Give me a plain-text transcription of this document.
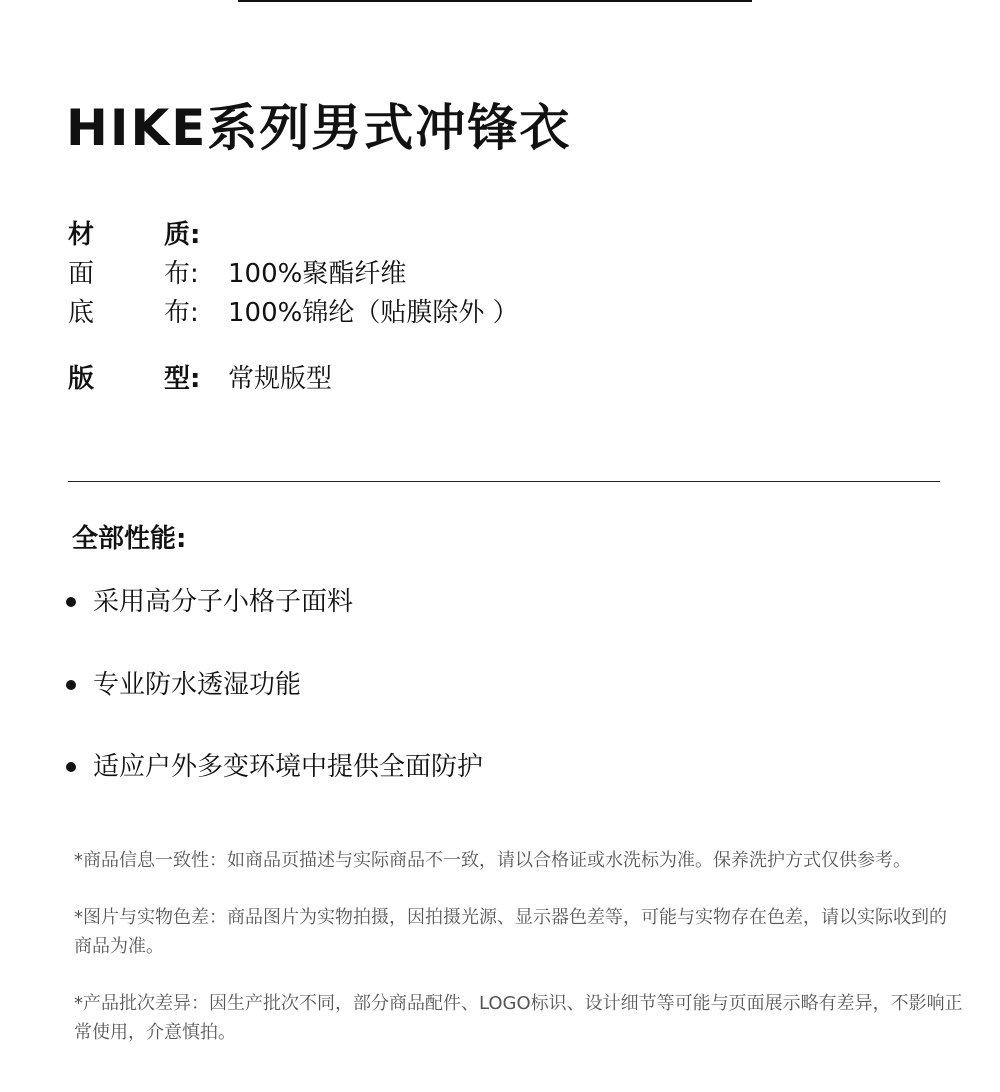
HIKE系列男式冲锋衣
材	质:
面	布: 100%聚酯纤维
底	布: 100%锦纶（贴膜除外 ）
版	型: 常规版型
全部性能:
采用高分子小格子面料
专业防水透湿功能
适应户外多变环境中提供全面防护
*商品信息一致性：如商品页描述与实际商品不一致，请以合格证或水洗标为准。保养洗护方式仅供参考。
*图片与实物色差：商品图片为实物拍摄，因拍摄光源、显示器色差等，可能与实物存在色差，请以实际收到的商品为准。
*产品批次差异：因生产批次不同，部分商品配件、LOGO标识、设计细节等可能与页面展示略有差异，不影响正常使用，介意慎拍。
